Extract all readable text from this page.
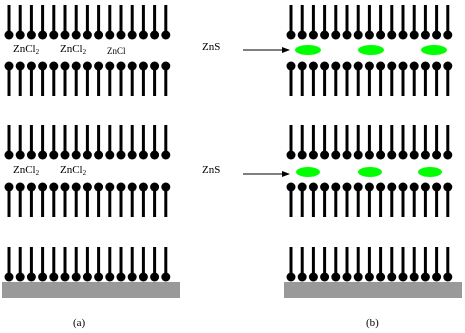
ZnCl$_2$ ZnCl$_2$ ZnCl
ZnCl$_2$ ZnCl$_2$
ZnS
ZnS
(a)	(b)
